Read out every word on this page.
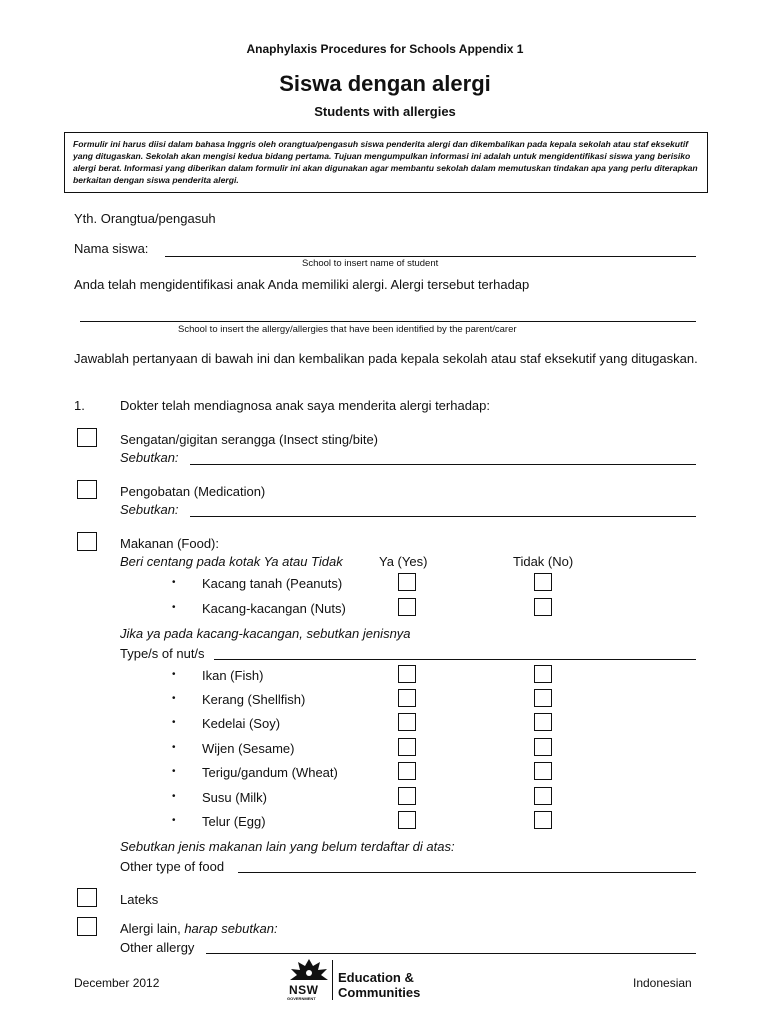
Anaphylaxis Procedures for Schools Appendix 1
Siswa dengan alergi
Students with allergies
Formulir ini harus diisi dalam bahasa Inggris oleh orangtua/pengasuh siswa penderita alergi dan dikembalikan pada kepala sekolah atau staf eksekutif yang ditugaskan. Sekolah akan mengisi kedua bidang pertama. Tujuan mengumpulkan informasi ini adalah untuk mengidentifikasi siswa yang berisiko alergi berat. Informasi yang diberikan dalam formulir ini akan digunakan agar membantu sekolah dalam memutuskan tindakan apa yang perlu diterapkan berkaitan dengan siswa penderita alergi.
Yth. Orangtua/pengasuh
Nama siswa:
School to insert name of student
Anda telah mengidentifikasi anak Anda memiliki alergi. Alergi tersebut terhadap
School to insert the allergy/allergies that have been identified by the parent/carer
Jawablah pertanyaan di bawah ini dan kembalikan pada kepala sekolah atau staf eksekutif yang ditugaskan.
1.	Dokter telah mendiagnosa anak saya menderita alergi terhadap:
Sengatan/gigitan serangga (Insect sting/bite)
Sebutkan:
Pengobatan (Medication)
Sebutkan:
Makanan (Food):
Beri centang pada kotak Ya atau Tidak	Ya (Yes)	Tidak (No)
• Kacang tanah (Peanuts)
• Kacang-kacangan (Nuts)
Jika ya pada kacang-kacangan, sebutkan jenisnya
Type/s of nut/s
• Ikan (Fish)
• Kerang (Shellfish)
• Kedelai (Soy)
• Wijen (Sesame)
• Terigu/gandum (Wheat)
• Susu (Milk)
• Telur (Egg)
Sebutkan jenis makanan lain yang belum terdaftar di atas:
Other type of food
Lateks
Alergi lain, harap sebutkan:
Other allergy
December 2012	Indonesian
NSW
GOVERNMENT
Education &
Communities
